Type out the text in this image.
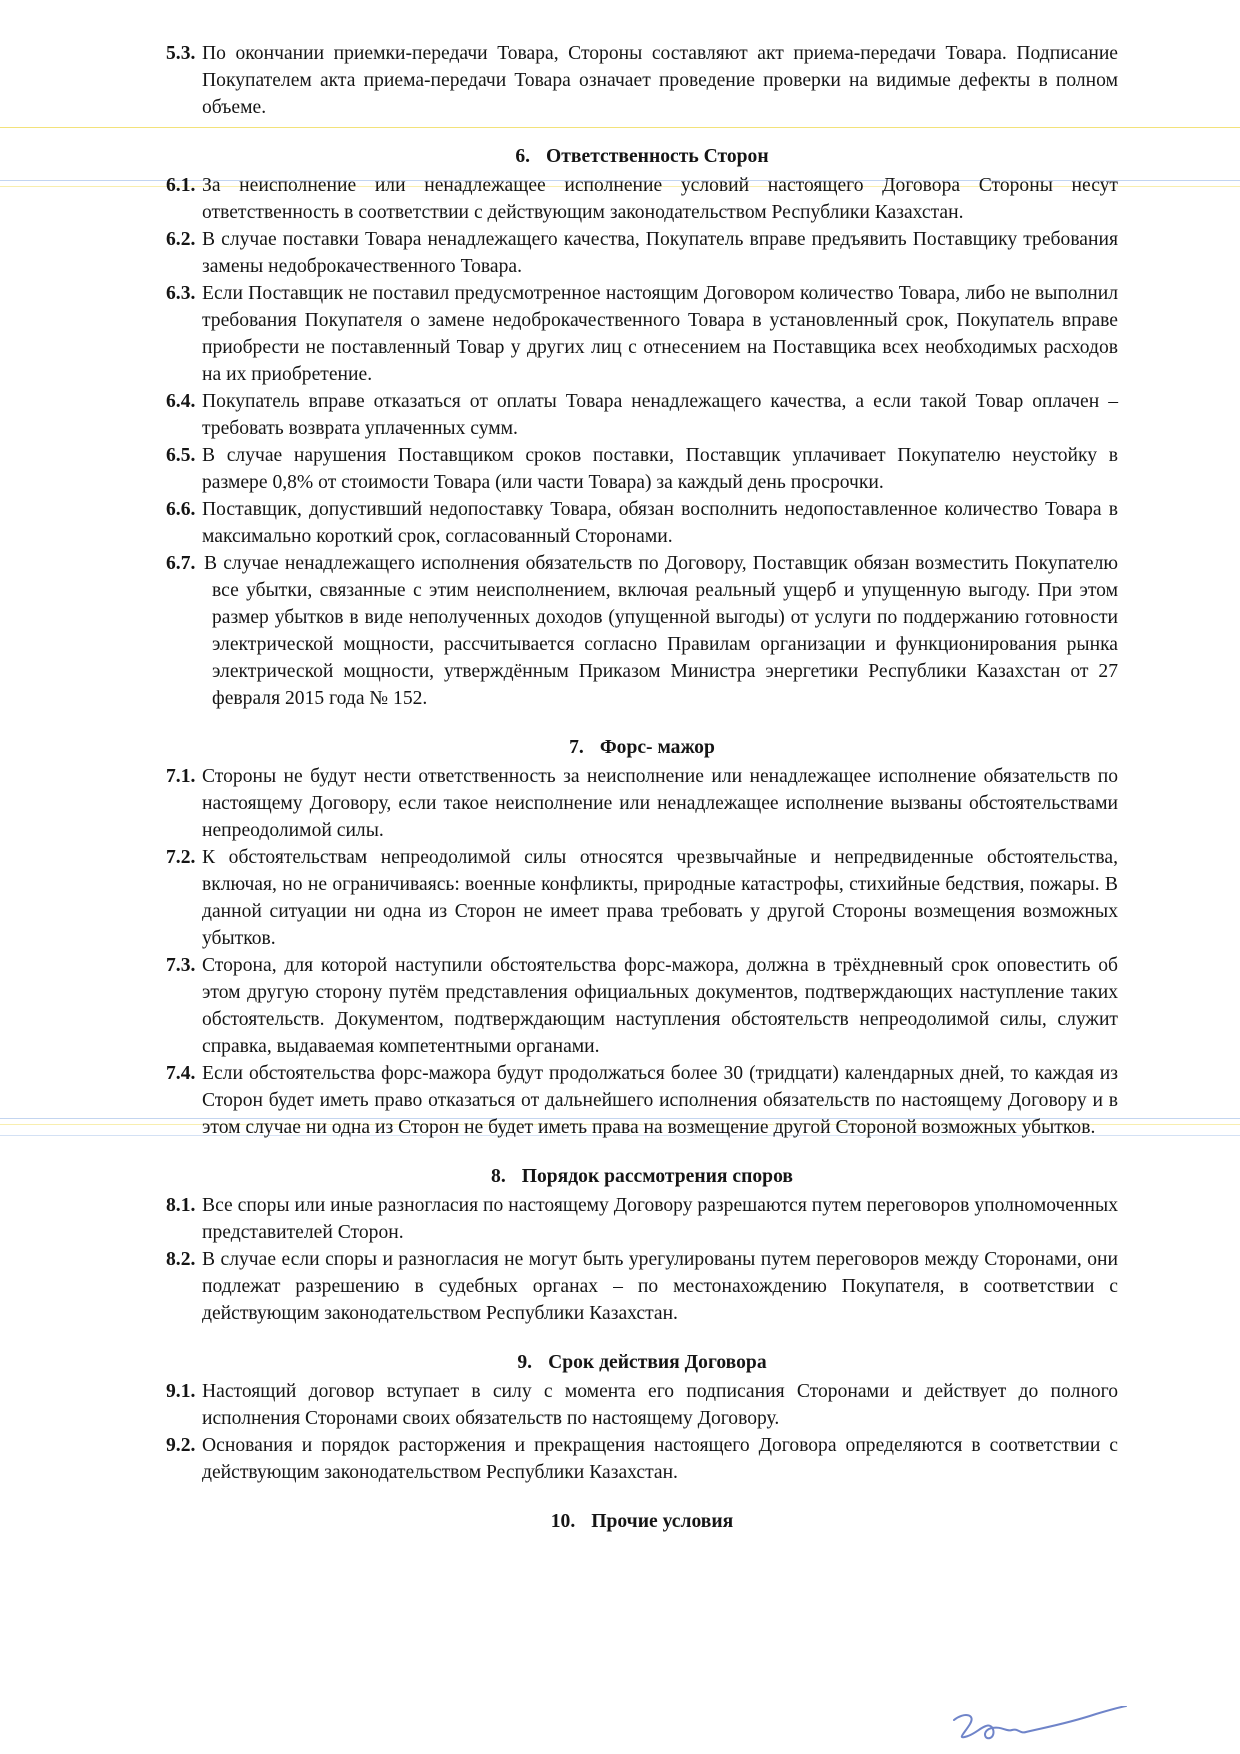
5.3. По окончании приемки-передачи Товара, Стороны составляют акт приема-передачи Товара. Подписание Покупателем акта приема-передачи Товара означает проведение проверки на видимые дефекты в полном объеме.

6. Ответственность Сторон

6.1. За неисполнение или ненадлежащее исполнение условий настоящего Договора Стороны несут ответственность в соответствии с действующим законодательством Республики Казахстан.

6.2. В случае поставки Товара ненадлежащего качества, Покупатель вправе предъявить Поставщику требования замены недоброкачественного Товара.

6.3. Если Поставщик не поставил предусмотренное настоящим Договором количество Товара, либо не выполнил требования Покупателя о замене недоброкачественного Товара в установленный срок, Покупатель вправе приобрести не поставленный Товар у других лиц с отнесением на Поставщика всех необходимых расходов на их приобретение.

6.4. Покупатель вправе отказаться от оплаты Товара ненадлежащего качества, а если такой Товар оплачен – требовать возврата уплаченных сумм.

6.5. В случае нарушения Поставщиком сроков поставки, Поставщик уплачивает Покупателю неустойку в размере 0,8% от стоимости Товара (или части Товара) за каждый день просрочки.

6.6. Поставщик, допустивший недопоставку Товара, обязан восполнить недопоставленное количество Товара в максимально короткий срок, согласованный Сторонами.

6.7. В случае ненадлежащего исполнения обязательств по Договору, Поставщик обязан возместить Покупателю все убытки, связанные с этим неисполнением, включая реальный ущерб и упущенную выгоду. При этом размер убытков в виде неполученных доходов (упущенной выгоды) от услуги по поддержанию готовности электрической мощности, рассчитывается согласно Правилам организации и функционирования рынка электрической мощности, утверждённым Приказом Министра энергетики Республики Казахстан от 27 февраля 2015 года № 152.

7. Форс- мажор

7.1. Стороны не будут нести ответственность за неисполнение или ненадлежащее исполнение обязательств по настоящему Договору, если такое неисполнение или ненадлежащее исполнение вызваны обстоятельствами непреодолимой силы.

7.2. К обстоятельствам непреодолимой силы относятся чрезвычайные и непредвиденные обстоятельства, включая, но не ограничиваясь: военные конфликты, природные катастрофы, стихийные бедствия, пожары. В данной ситуации ни одна из Сторон не имеет права требовать у другой Стороны возмещения возможных убытков.

7.3. Сторона, для которой наступили обстоятельства форс-мажора, должна в трёхдневный срок оповестить об этом другую сторону путём представления официальных документов, подтверждающих наступление таких обстоятельств. Документом, подтверждающим наступления обстоятельств непреодолимой силы, служит справка, выдаваемая компетентными органами.

7.4. Если обстоятельства форс-мажора будут продолжаться более 30 (тридцати) календарных дней, то каждая из Сторон будет иметь право отказаться от дальнейшего исполнения обязательств по настоящему Договору и в этом случае ни одна из Сторон не будет иметь права на возмещение другой Стороной возможных убытков.

8. Порядок рассмотрения споров

8.1. Все споры или иные разногласия по настоящему Договору разрешаются путем переговоров уполномоченных представителей Сторон.

8.2. В случае если споры и разногласия не могут быть урегулированы путем переговоров между Сторонами, они подлежат разрешению в судебных органах – по местонахождению Покупателя, в соответствии с действующим законодательством Республики Казахстан.

9. Срок действия Договора

9.1. Настоящий договор вступает в силу с момента его подписания Сторонами и действует до полного исполнения Сторонами своих обязательств по настоящему Договору.

9.2. Основания и порядок расторжения и прекращения настоящего Договора определяются в соответствии с действующим законодательством Республики Казахстан.

10. Прочие условия
